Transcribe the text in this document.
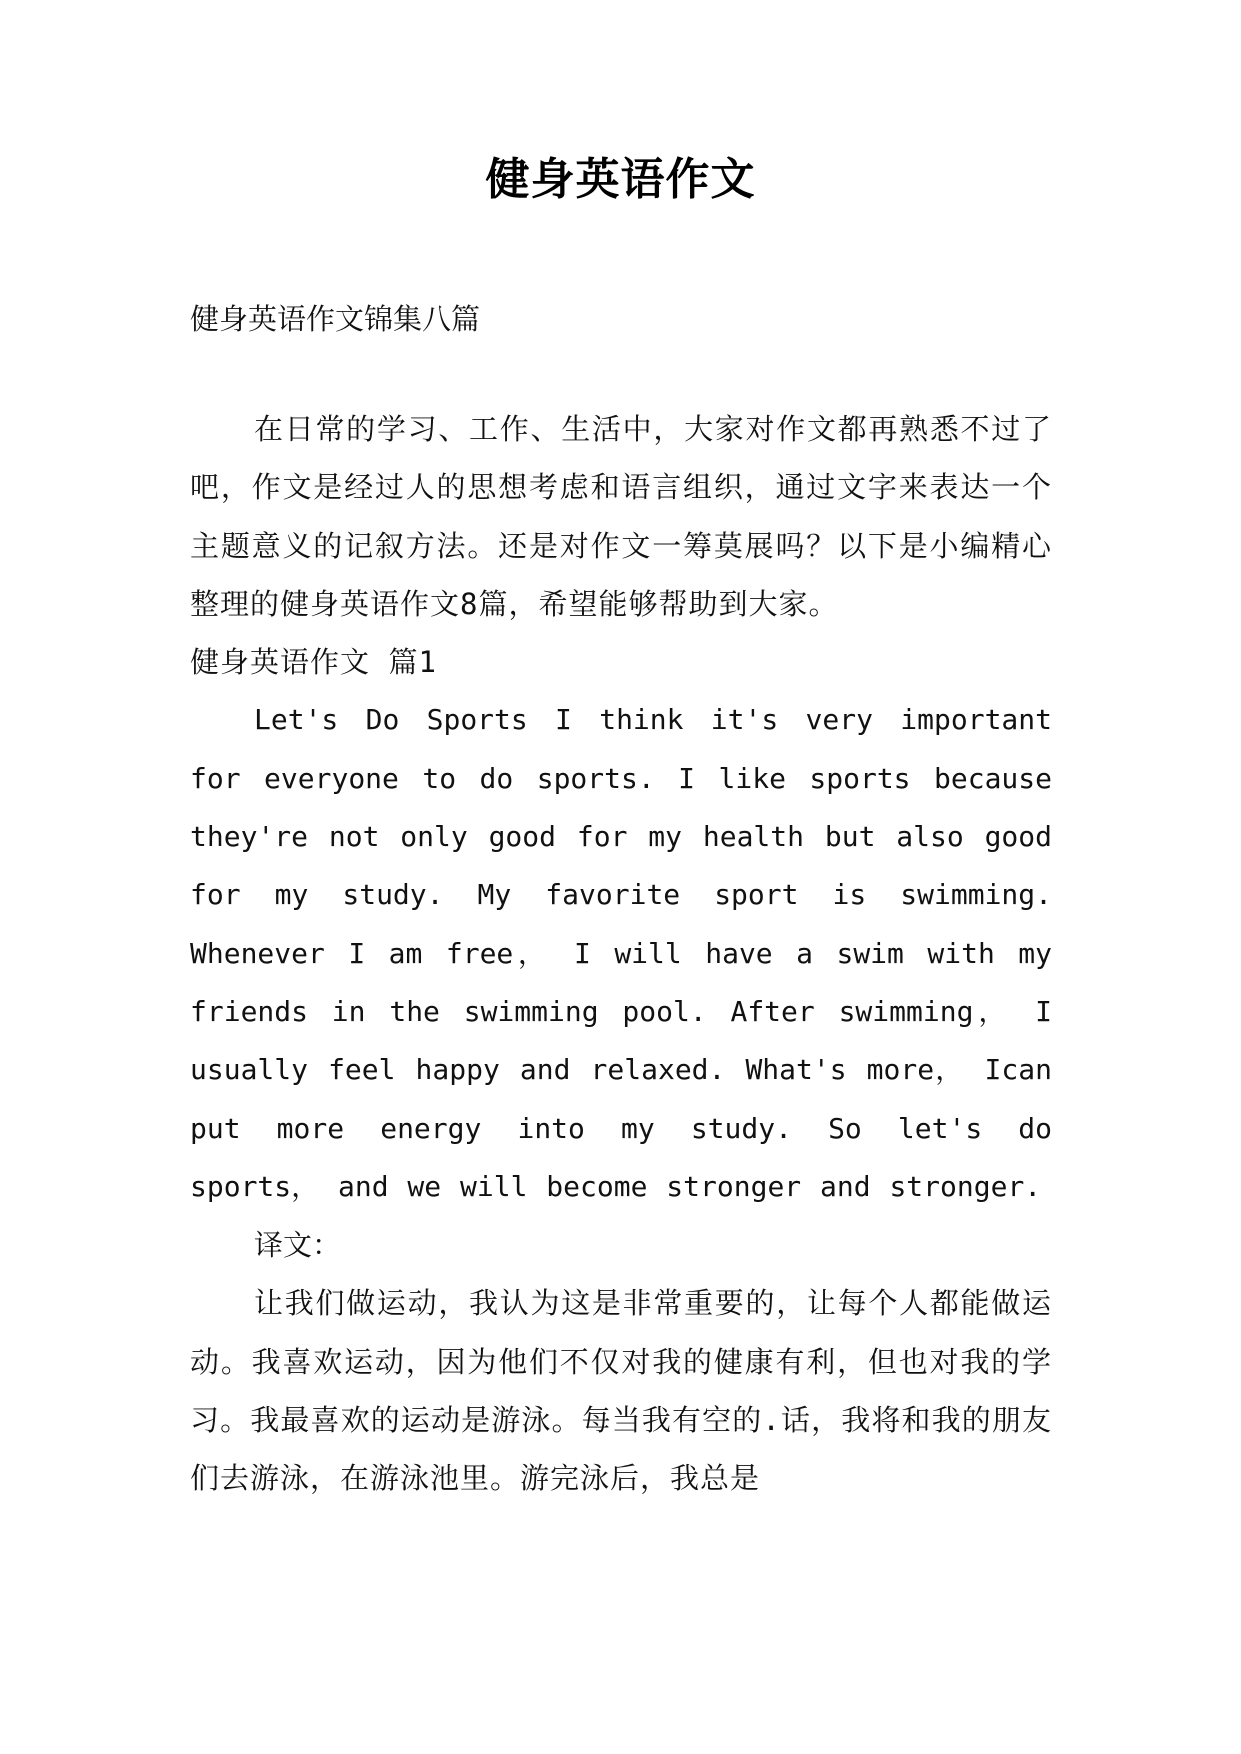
健身英语作文
健身英语作文锦集八篇

在日常的学习、工作、生活中，大家对作文都再熟悉不过了吧，作文是经过人的思想考虑和语言组织，通过文字来表达一个主题意义的记叙方法。还是对作文一筹莫展吗？以下是小编精心整理的健身英语作文8篇，希望能够帮助到大家。

健身英语作文 篇1

Let's Do Sports I think it's very important for everyone to do sports. I like sports because they're not only good for my health but also good for my study. My favorite sport is swimming. Whenever I am free， I will have a swim with my friends in the swimming pool. After swimming， I usually feel happy and relaxed. What's more， Ican put more energy into my study. So let's do sports， and we will become stronger and stronger.

译文：

让我们做运动，我认为这是非常重要的，让每个人都能做运动。我喜欢运动，因为他们不仅对我的健康有利，但也对我的学习。我最喜欢的运动是游泳。每当我有空的.话，我将和我的朋友们去游泳，在游泳池里。游完泳后，我总是
